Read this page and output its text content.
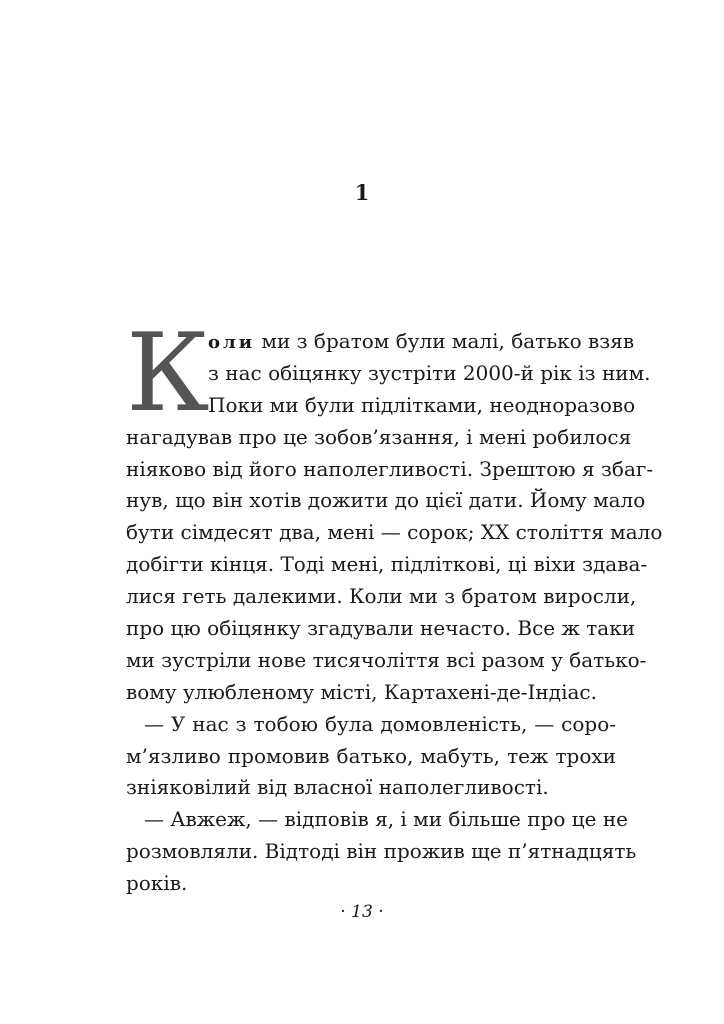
1
К
оли ми з братом були малі, батько взяв
з нас обіцянку зустріти 2000-й рік із ним.
Поки ми були підлітками, неодноразово
нагадував про це зобов’язання, і мені робилося
ніяково від його наполегливості. Зрештою я збаг-
нув, що він хотів дожити до цієї дати. Йому мало
бути сімдесят два, мені — сорок; XX століття мало
добігти кінця. Тоді мені, підліткові, ці віхи здава-
лися геть далекими. Коли ми з братом виросли,
про цю обіцянку згадували нечасто. Все ж таки
ми зустріли нове тисячоліття всі разом у батько-
вому улюбленому місті, Картахені-де-Індіас.
— У нас з тобою була домовленість, — соро-
м’язливо промовив батько, мабуть, теж трохи
зніяковілий від власної наполегливості.
— Авжеж, — відповів я, і ми більше про це не
розмовляли. Відтоді він прожив ще п’ятнадцять
років.
· 13 ·
